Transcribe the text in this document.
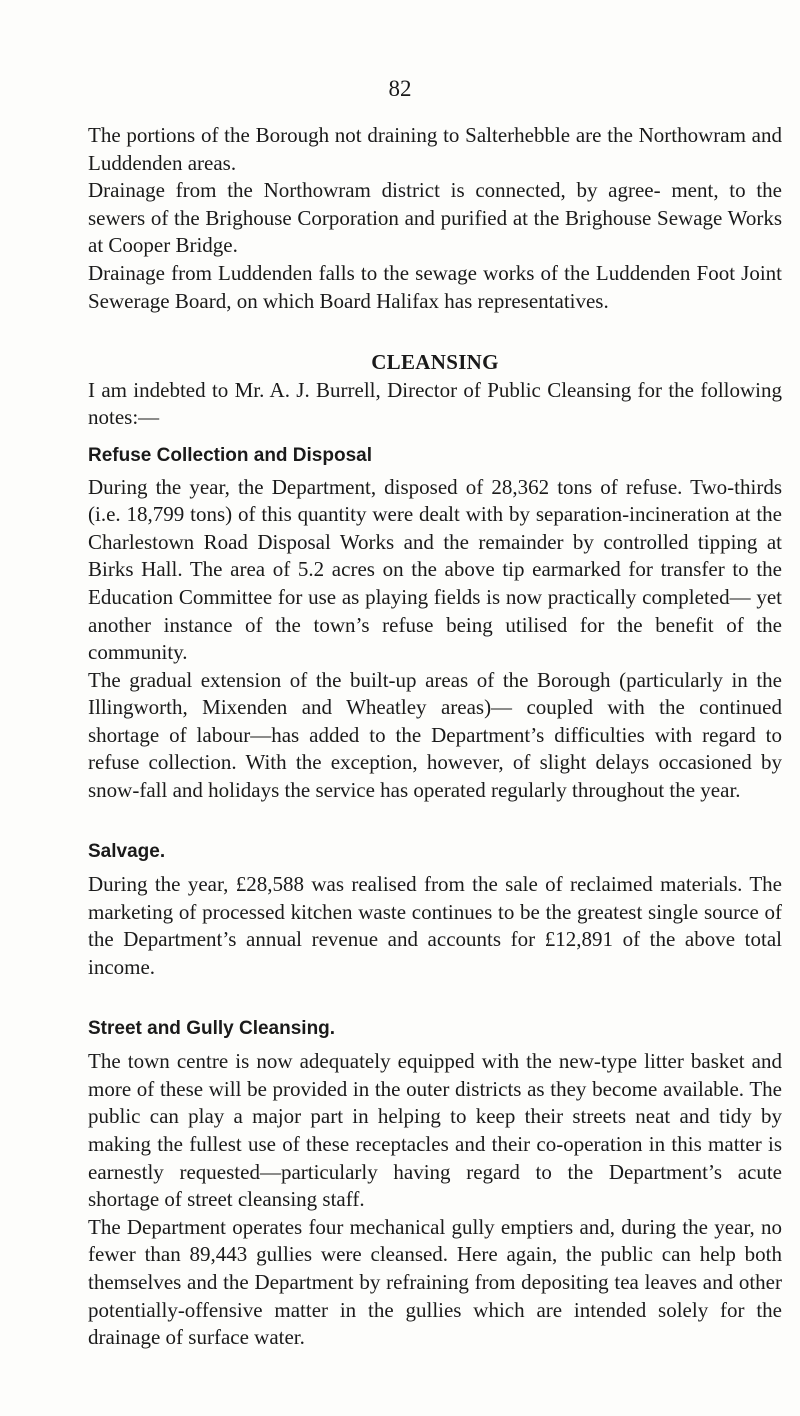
82

The portions of the Borough not draining to Salterhebble are the Northowram and Luddenden areas.

Drainage from the Northowram district is connected, by agree- ment, to the sewers of the Brighouse Corporation and purified at the Brighouse Sewage Works at Cooper Bridge.

Drainage from Luddenden falls to the sewage works of the Luddenden Foot Joint Sewerage Board, on which Board Halifax has representatives.

CLEANSING

I am indebted to Mr. A. J. Burrell, Director of Public Cleansing for the following notes:—

Refuse Collection and Disposal

During the year, the Department, disposed of 28,362 tons of refuse. Two-thirds (i.e. 18,799 tons) of this quantity were dealt with by separation-incineration at the Charlestown Road Disposal Works and the remainder by controlled tipping at Birks Hall. The area of 5.2 acres on the above tip earmarked for transfer to the Education Committee for use as playing fields is now practically completed— yet another instance of the town’s refuse being utilised for the benefit of the community.

The gradual extension of the built-up areas of the Borough (particularly in the Illingworth, Mixenden and Wheatley areas)— coupled with the continued shortage of labour—has added to the Department’s difficulties with regard to refuse collection. With the exception, however, of slight delays occasioned by snow-fall and holidays the service has operated regularly throughout the year.

Salvage.

During the year, £28,588 was realised from the sale of reclaimed materials. The marketing of processed kitchen waste continues to be the greatest single source of the Department’s annual revenue and accounts for £12,891 of the above total income.

Street and Gully Cleansing.

The town centre is now adequately equipped with the new-type litter basket and more of these will be provided in the outer districts as they become available. The public can play a major part in helping to keep their streets neat and tidy by making the fullest use of these receptacles and their co-operation in this matter is earnestly requested—particularly having regard to the Department’s acute shortage of street cleansing staff.

The Department operates four mechanical gully emptiers and, during the year, no fewer than 89,443 gullies were cleansed. Here again, the public can help both themselves and the Department by refraining from depositing tea leaves and other potentially-offensive matter in the gullies which are intended solely for the drainage of surface water.
